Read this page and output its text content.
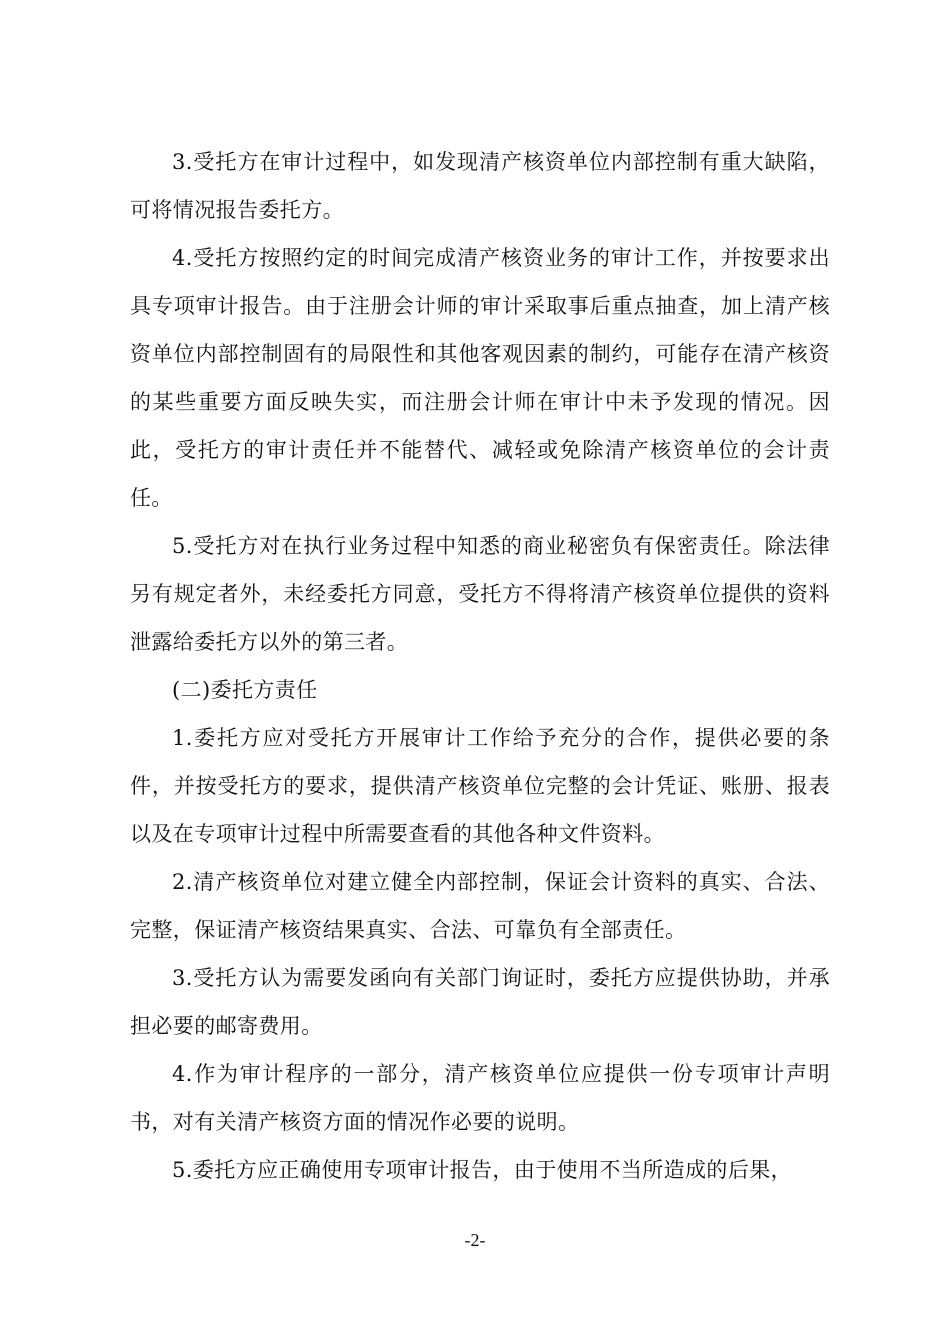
3.受托方在审计过程中，如发现清产核资单位内部控制有重大缺陷，可将情况报告委托方。

4.受托方按照约定的时间完成清产核资业务的审计工作，并按要求出具专项审计报告。由于注册会计师的审计采取事后重点抽查，加上清产核资单位内部控制固有的局限性和其他客观因素的制约，可能存在清产核资的某些重要方面反映失实，而注册会计师在审计中未予发现的情况。因此，受托方的审计责任并不能替代、减轻或免除清产核资单位的会计责任。

5.受托方对在执行业务过程中知悉的商业秘密负有保密责任。除法律另有规定者外，未经委托方同意，受托方不得将清产核资单位提供的资料泄露给委托方以外的第三者。

(二)委托方责任

1.委托方应对受托方开展审计工作给予充分的合作，提供必要的条件，并按受托方的要求，提供清产核资单位完整的会计凭证、账册、报表以及在专项审计过程中所需要查看的其他各种文件资料。

2.清产核资单位对建立健全内部控制，保证会计资料的真实、合法、完整，保证清产核资结果真实、合法、可靠负有全部责任。

3.受托方认为需要发函向有关部门询证时，委托方应提供协助，并承担必要的邮寄费用。

4.作为审计程序的一部分，清产核资单位应提供一份专项审计声明书，对有关清产核资方面的情况作必要的说明。

5.委托方应正确使用专项审计报告，由于使用不当所造成的后果，

-2-
